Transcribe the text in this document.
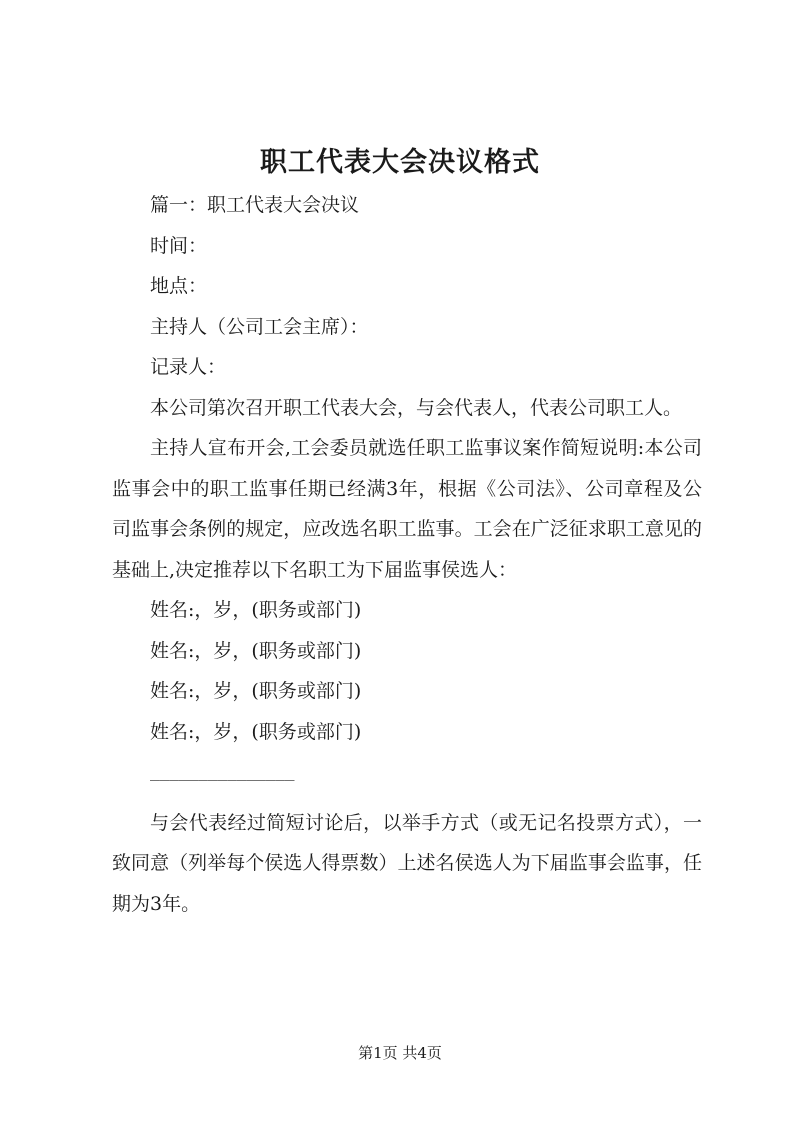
职工代表大会决议格式

篇一：职工代表大会决议

时间：

地点：

主持人（公司工会主席）：

记录人：

本公司第次召开职工代表大会，与会代表人，代表公司职工人。

主持人宣布开会,工会委员就选任职工监事议案作简短说明:本公司监事会中的职工监事任期已经满3年，根据《公司法》、公司章程及公司监事会条例的规定，应改选名职工监事。工会在广泛征求职工意见的基础上,决定推荐以下名职工为下届监事侯选人：

姓名:，岁，(职务或部门)

姓名:，岁，(职务或部门)

姓名:，岁，(职务或部门)

姓名:，岁，(职务或部门)

_______________

与会代表经过简短讨论后，以举手方式（或无记名投票方式），一致同意（列举每个侯选人得票数）上述名侯选人为下届监事会监事，任期为3年。

第1页 共4页
